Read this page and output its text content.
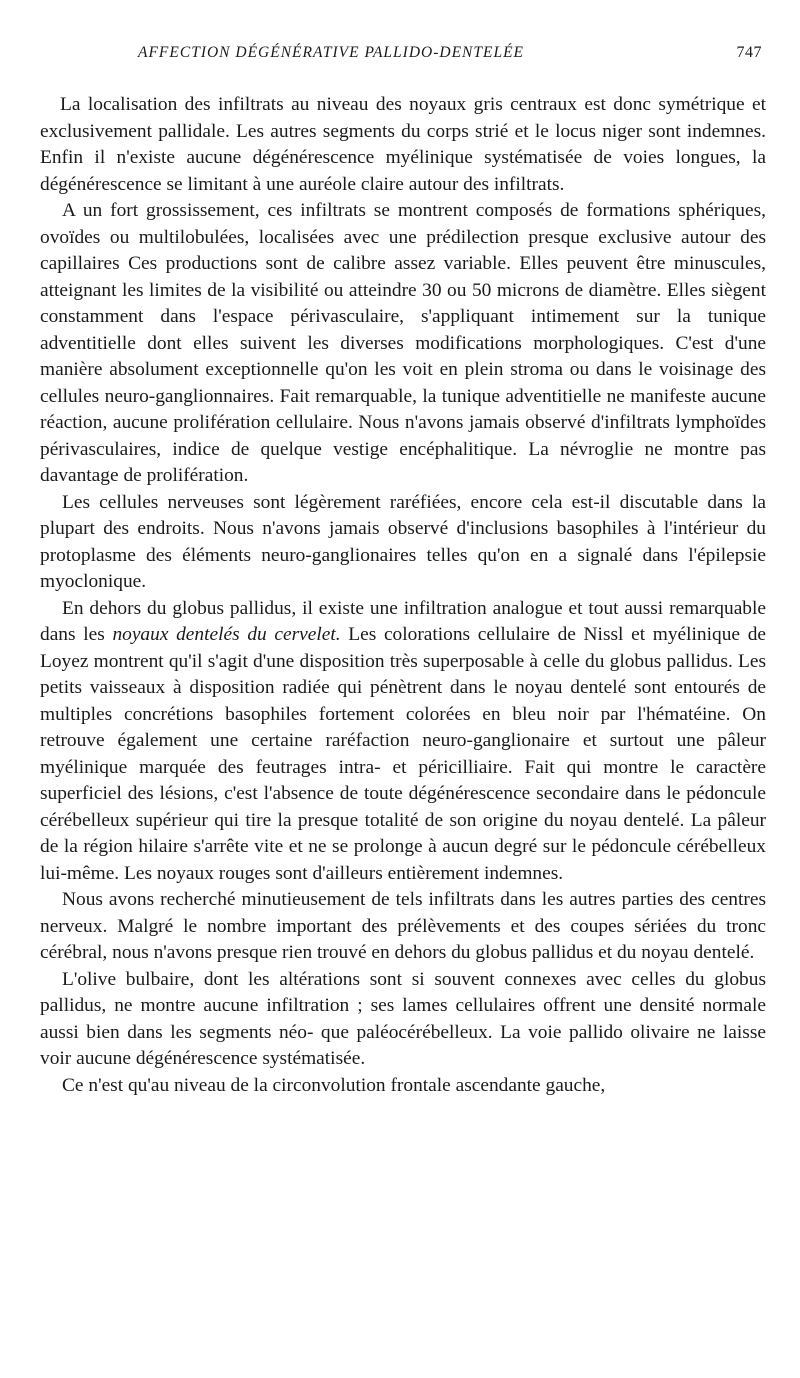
AFFECTION DÉGÉNÉRATIVE PALLIDO-DENTELÉE	747

La localisation des infiltrats au niveau des noyaux gris centraux est donc symétrique et exclusivement pallidale. Les autres segments du corps strié et le locus niger sont indemnes. Enfin il n'existe aucune dégénérescence myélinique systématisée de voies longues, la dégénérescence se limitant à une auréole claire autour des infiltrats.

A un fort grossissement, ces infiltrats se montrent composés de formations sphériques, ovoïdes ou multilobulées, localisées avec une prédilection presque exclusive autour des capillaires Ces productions sont de calibre assez variable. Elles peuvent être minuscules, atteignant les limites de la visibilité ou atteindre 30 ou 50 microns de diamètre. Elles siègent constamment dans l'espace périvasculaire, s'appliquant intimement sur la tunique adventitielle dont elles suivent les diverses modifications morphologiques. C'est d'une manière absolument exceptionnelle qu'on les voit en plein stroma ou dans le voisinage des cellules neuro-ganglionnaires. Fait remarquable, la tunique adventitielle ne manifeste aucune réaction, aucune prolifération cellulaire. Nous n'avons jamais observé d'infiltrats lymphoïdes périvasculaires, indice de quelque vestige encéphalitique. La névroglie ne montre pas davantage de prolifération.

Les cellules nerveuses sont légèrement raréfiées, encore cela est-il discutable dans la plupart des endroits. Nous n'avons jamais observé d'inclusions basophiles à l'intérieur du protoplasme des éléments neuro-ganglionaires telles qu'on en a signalé dans l'épilepsie myoclonique.

En dehors du globus pallidus, il existe une infiltration analogue et tout aussi remarquable dans les noyaux dentelés du cervelet. Les colorations cellulaire de Nissl et myélinique de Loyez montrent qu'il s'agit d'une disposition très superposable à celle du globus pallidus. Les petits vaisseaux à disposition radiée qui pénètrent dans le noyau dentelé sont entourés de multiples concrétions basophiles fortement colorées en bleu noir par l'hématéine. On retrouve également une certaine raréfaction neuro-ganglionaire et surtout une pâleur myélinique marquée des feutrages intra- et péricilliaire. Fait qui montre le caractère superficiel des lésions, c'est l'absence de toute dégénérescence secondaire dans le pédoncule cérébelleux supérieur qui tire la presque totalité de son origine du noyau dentelé. La pâleur de la région hilaire s'arrête vite et ne se prolonge à aucun degré sur le pédoncule cérébelleux lui-même. Les noyaux rouges sont d'ailleurs entièrement indemnes.

Nous avons recherché minutieusement de tels infiltrats dans les autres parties des centres nerveux. Malgré le nombre important des prélèvements et des coupes sériées du tronc cérébral, nous n'avons presque rien trouvé en dehors du globus pallidus et du noyau dentelé.

L'olive bulbaire, dont les altérations sont si souvent connexes avec celles du globus pallidus, ne montre aucune infiltration ; ses lames cellulaires offrent une densité normale aussi bien dans les segments néo- que paléocérébelleux. La voie pallido olivaire ne laisse voir aucune dégénérescence systématisée.

Ce n'est qu'au niveau de la circonvolution frontale ascendante gauche,
